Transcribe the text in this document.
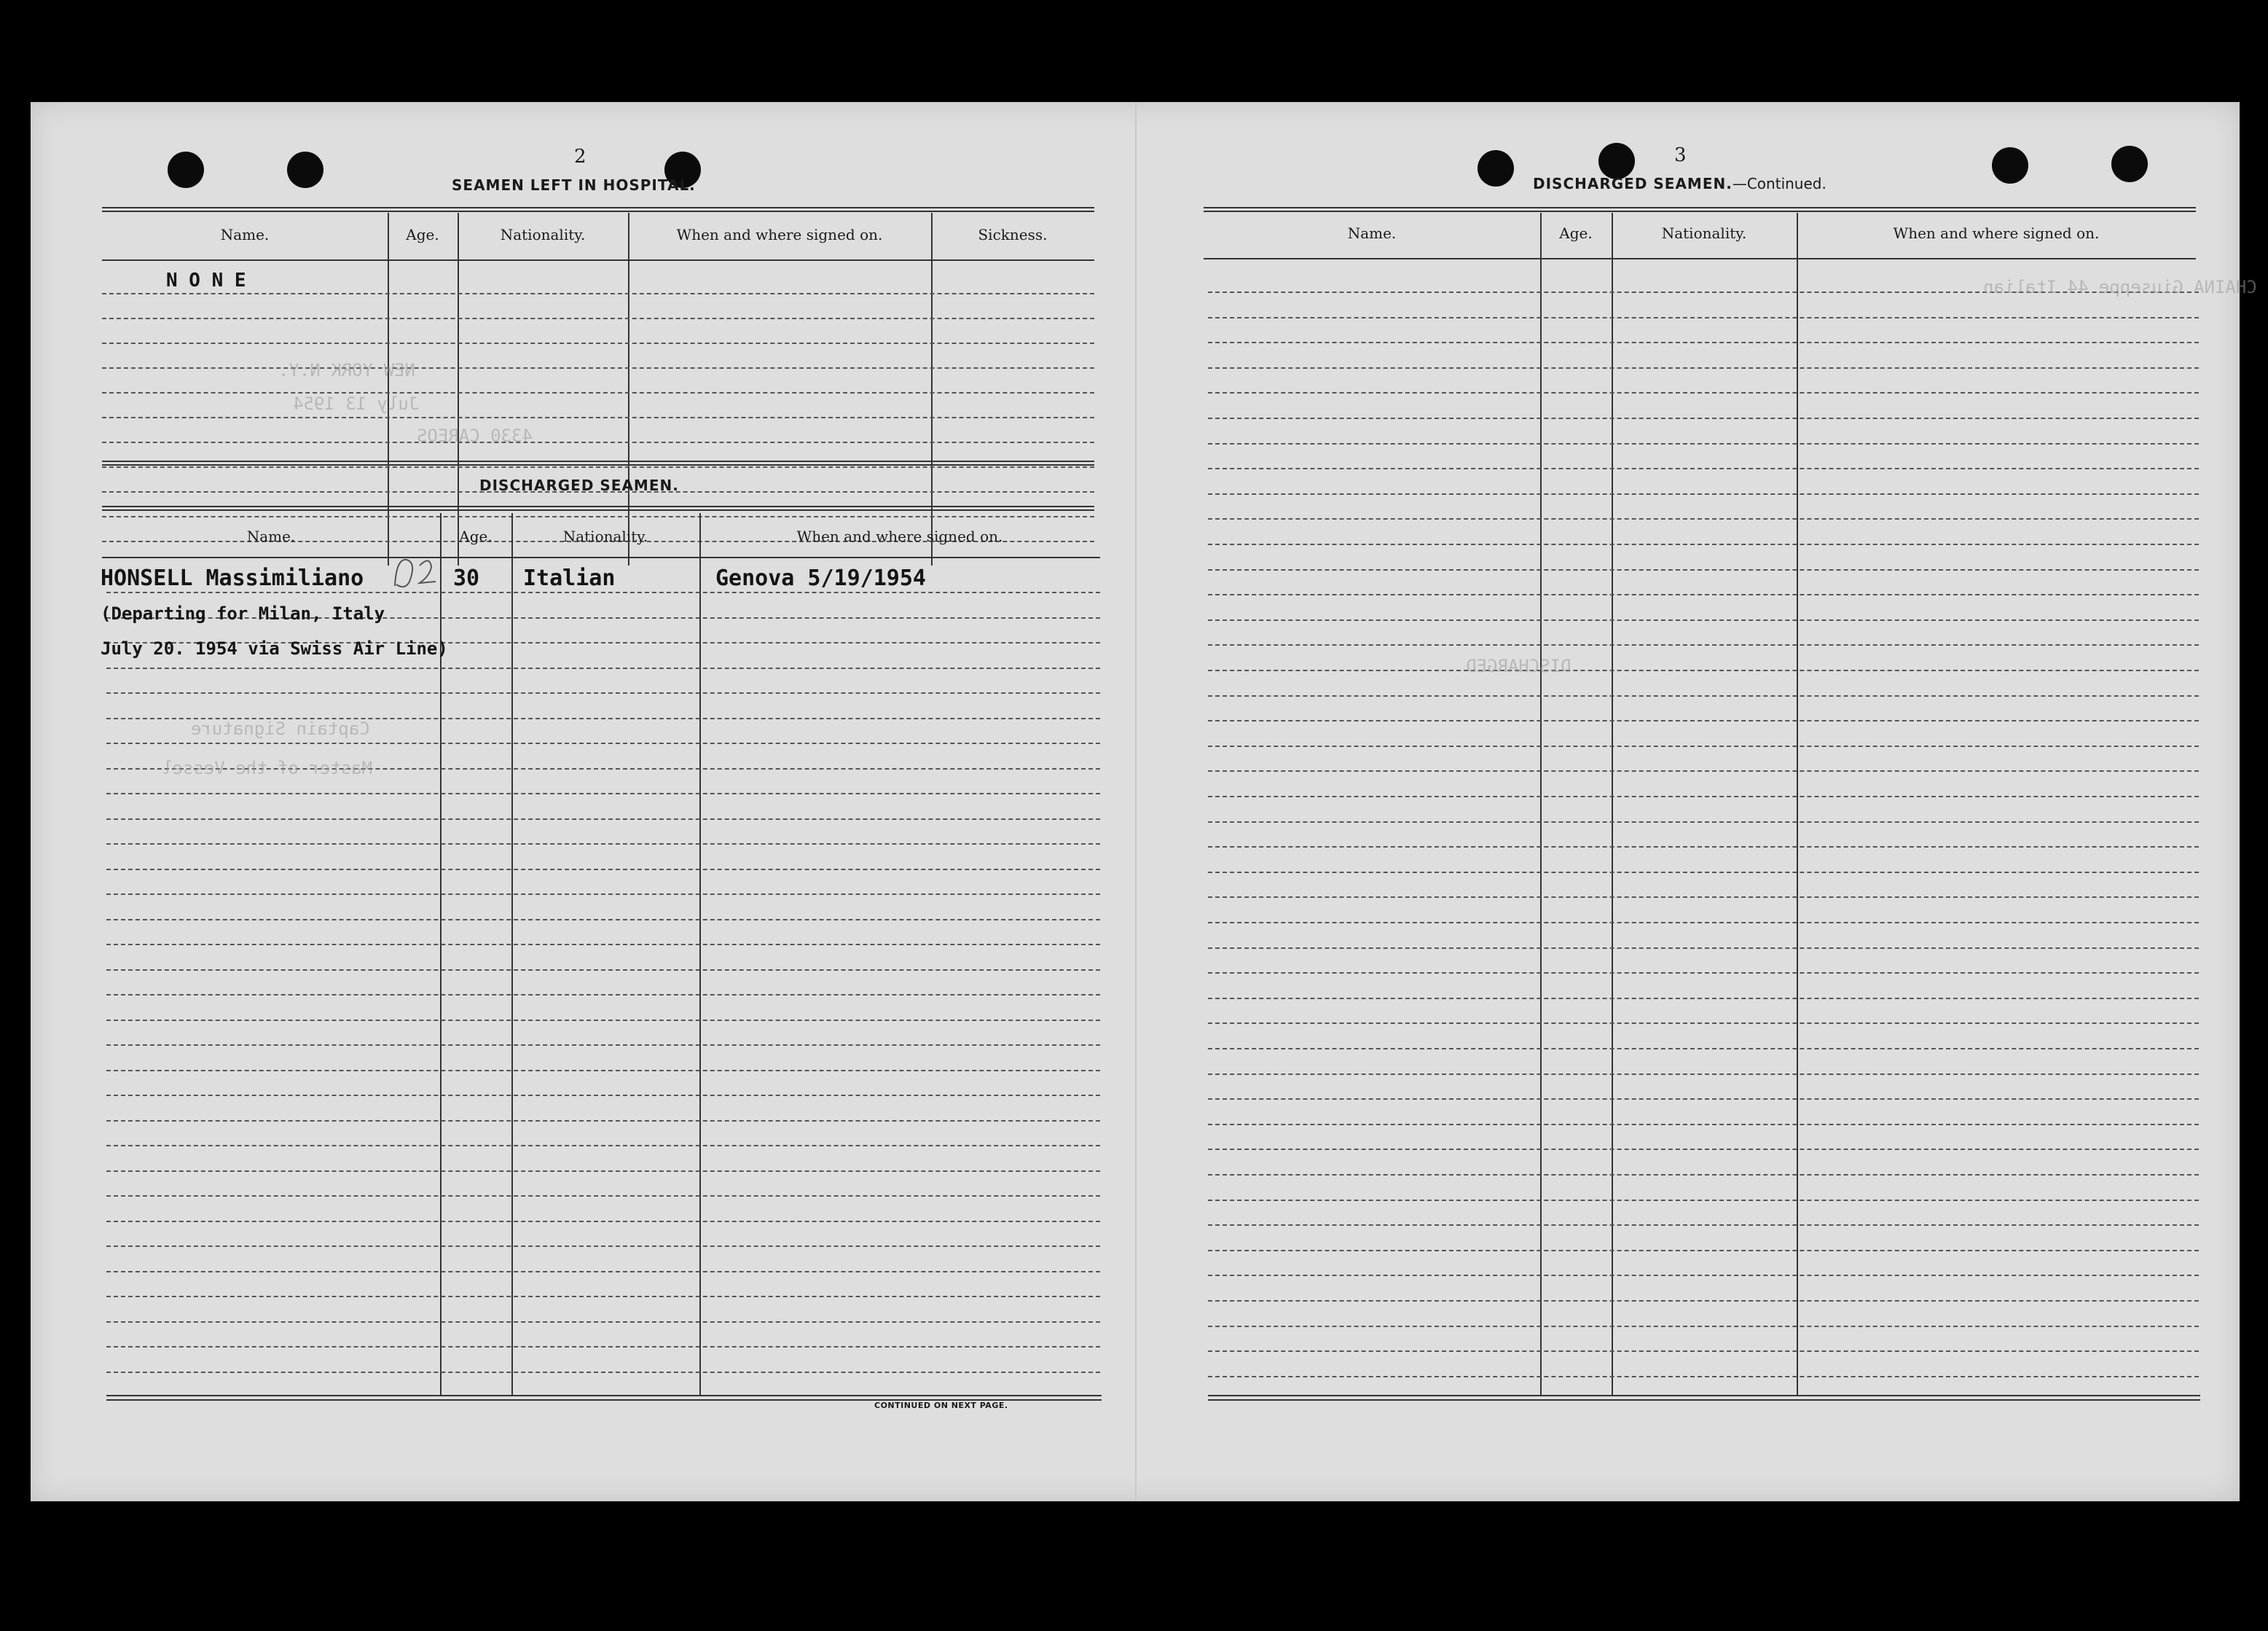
2
SEAMEN LEFT IN HOSPITAL.
Name.	Age.	Nationality.	When and where signed on.	Sickness.
N O N E
DISCHARGED SEAMEN.
Name.	Age.	Nationality.	When and where signed on.
HONSELL Massimiliano	30 Italian	Genova 5/19/1954
(Departing for Milan, Italy
July 20. 1954 via Swiss Air Line)
NEW YORK N.Y.
July 13 1954
4330 CAREOS
Captain Signature
Master of the Vessel
CONTINUED ON NEXT PAGE.
3
DISCHARGED SEAMEN.—Continued.
Name.	Age.	Nationality.	When and where signed on.
CHAINA Giuseppe 44 Italian
DISCHARGED
